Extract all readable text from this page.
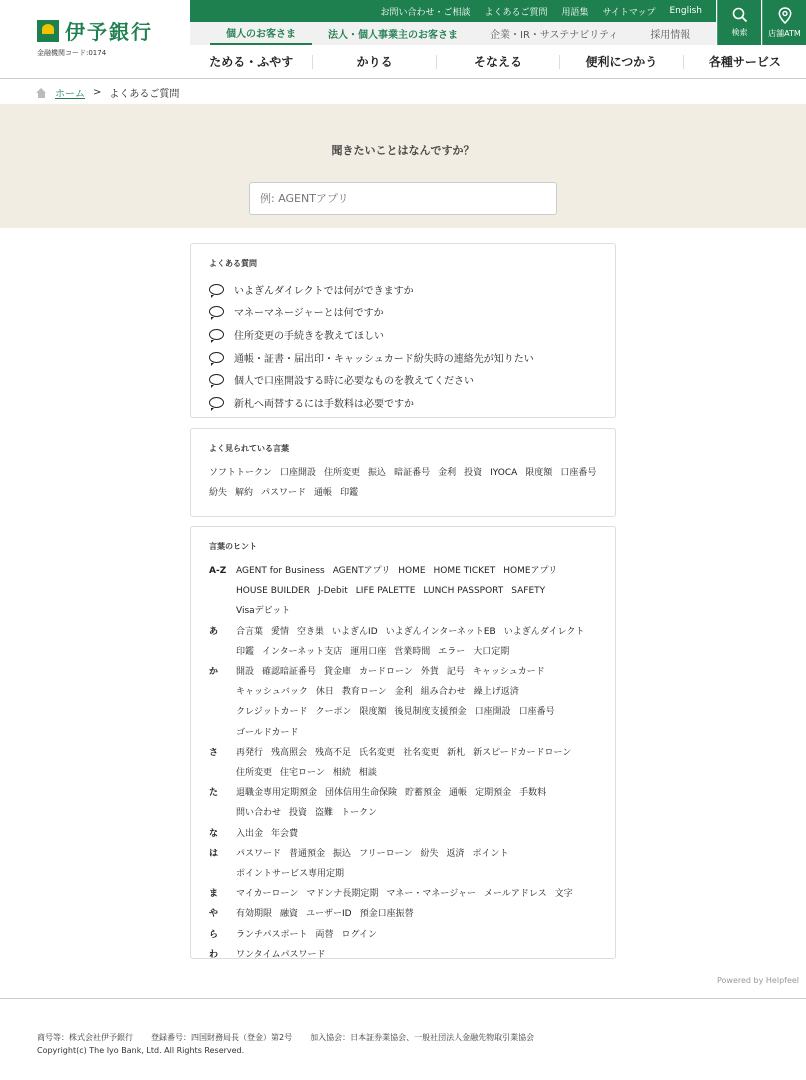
伊予銀行
金融機関コード:0174
お問い合わせ・ご相談 よくあるご質問 用語集 サイトマップ English
検索	店舗ATM
個人のお客さま	法人・個人事業主のお客さま	企業・IR・サステナビリティ	採用情報
ためる・ふやす	かりる	そなえる	便利につかう	各種サービス
ホーム > よくあるご質問
聞きたいことはなんですか？
例: AGENTアプリ
よくある質問
いよぎんダイレクトでは何ができますか
マネーマネージャーとは何ですか
住所変更の手続きを教えてほしい
通帳・証書・届出印・キャッシュカード紛失時の連絡先が知りたい
個人で口座開設する時に必要なものを教えてください
新札へ両替するには手数料は必要ですか
よく見られている言葉
ソフトトークン 口座開設 住所変更 振込 暗証番号 金利 投資 IYOCA 限度額 口座番号
紛失 解約 パスワード 通帳 印鑑
言葉のヒント
A-Z	AGENT for Business AGENTアプリ HOME HOME TICKET HOMEアプリ
HOUSE BUILDER J-Debit LIFE PALETTE LUNCH PASSPORT SAFETY
Visaデビット
あ	合言葉 愛情 空き巣 いよぎんID いよぎんインターネットEB いよぎんダイレクト
印鑑 インターネット支店 運用口座 営業時間 エラー 大口定期
か	開設 確認暗証番号 貸金庫 カードローン 外貨 記号 キャッシュカード
キャッシュバック 休日 教育ローン 金利 組み合わせ 繰上げ返済
クレジットカード クーポン 限度額 後見制度支援預金 口座開設 口座番号
ゴールドカード
さ	再発行 残高照会 残高不足 氏名変更 社名変更 新札 新スピードカードローン
住所変更 住宅ローン 相続 相談
た	退職金専用定期預金 団体信用生命保険 貯蓄預金 通帳 定期預金 手数料
問い合わせ 投資 盗難 トークン
な	入出金 年会費
は	パスワード 普通預金 振込 フリーローン 紛失 返済 ポイント
ポイントサービス専用定期
ま	マイカーローン マドンナ長期定期 マネー・マネージャー メールアドレス 文字
や	有効期限 融資 ユーザーID 預金口座振替
ら	ランチパスポート 両替 ログイン
わ	ワンタイムパスワード
Powered by Helpfeel
商号等：株式会社伊予銀行 登録番号：四国財務局長（登金）第2号 加入協会：日本証券業協会、一般社団法人金融先物取引業協会
Copyright(c) The Iyo Bank, Ltd. All Rights Reserved.
